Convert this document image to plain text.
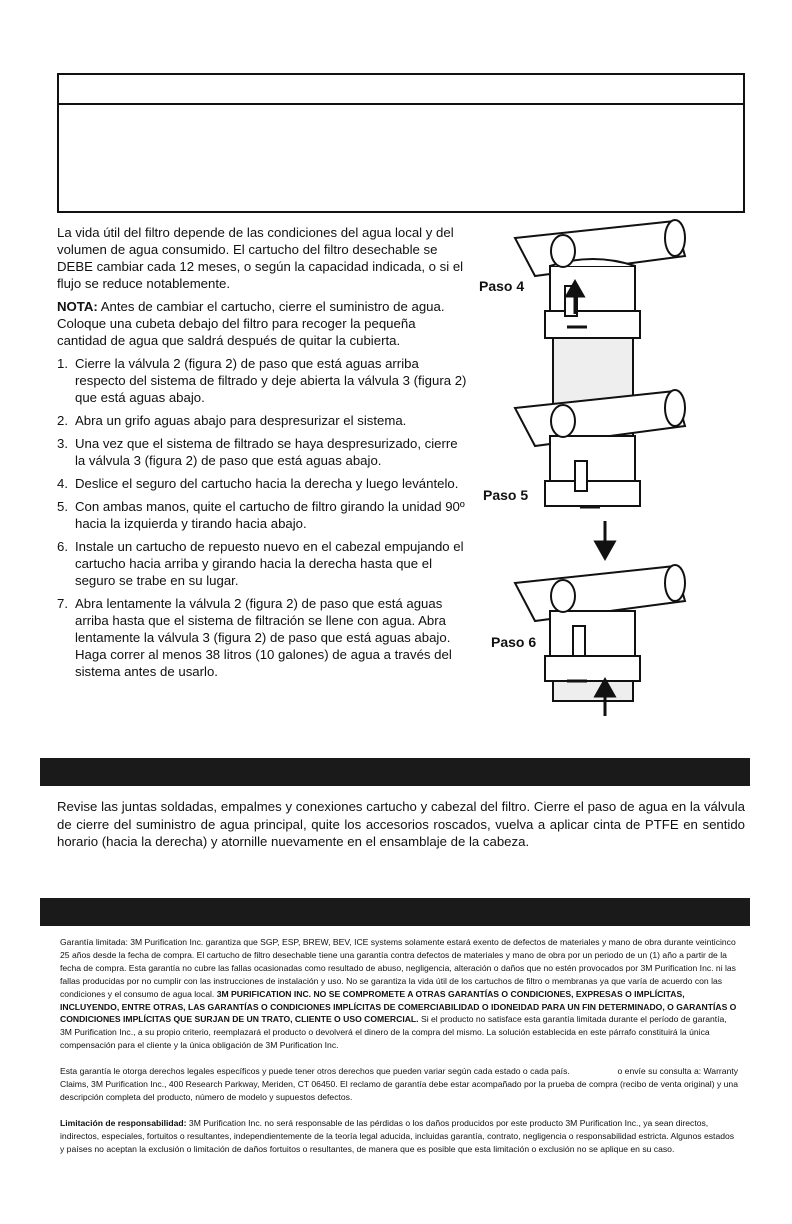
La vida útil del filtro depende de las condiciones del agua local y del volumen de agua consumido. El cartucho del filtro desechable se DEBE cambiar cada 12 meses, o según la capacidad indicada, o si el flujo se reduce notablemente.

NOTA: Antes de cambiar el cartucho, cierre el suministro de agua. Coloque una cubeta debajo del filtro para recoger la pequeña cantidad de agua que saldrá después de quitar la cubierta.

1. Cierre la válvula 2 (figura 2) de paso que está aguas arriba respecto del sistema de filtrado y deje abierta la válvula 3 (figura 2) que está aguas abajo.
2. Abra un grifo aguas abajo para despresurizar el sistema.
3. Una vez que el sistema de filtrado se haya despresurizado, cierre la válvula 3 (figura 2) de paso que está aguas abajo.
4. Deslice el seguro del cartucho hacia la derecha y luego levántelo.
5. Con ambas manos, quite el cartucho de filtro girando la unidad 90º hacia la izquierda y tirando hacia abajo.
6. Instale un cartucho de repuesto nuevo en el cabezal empujando el cartucho hacia arriba y girando hacia la derecha hasta que el seguro se trabe en su lugar.
7. Abra lentamente la válvula 2 (figura 2) de paso que está aguas arriba hasta que el sistema de filtración se llene con agua. Abra lentamente la válvula 3 (figura 2) de paso que está aguas abajo. Haga correr al menos 38 litros (10 galones) de agua a través del sistema antes de usarlo.
Paso 4
Paso 5
Paso 6
Revise las juntas soldadas, empalmes y conexiones cartucho y cabezal del filtro. Cierre el paso de agua en la válvula de cierre del suministro de agua principal, quite los accesorios roscados, vuelva a aplicar cinta de PTFE en sentido horario (hacia la derecha) y atornille nuevamente en el ensamblaje de la cabeza.

Garantía limitada: 3M Purification Inc. garantiza que SGP, ESP, BREW, BEV, ICE systems solamente estará exento de defectos de materiales y mano de obra durante veinticinco 25 años desde la fecha de compra. El cartucho de filtro desechable tiene una garantía contra defectos de materiales y mano de obra por un periodo de un (1) año a partir de la fecha de compra. Esta garantía no cubre las fallas ocasionadas como resultado de abuso, negligencia, alteración o daños que no estén provocados por 3M Purification Inc. ni las fallas producidas por no cumplir con las instrucciones de instalación y uso. No se garantiza la vida útil de los cartuchos de filtro o membranas ya que varía de acuerdo con las condiciones y el consumo de agua local. 3M PURIFICATION INC. NO SE COMPROMETE A OTRAS GARANTÍAS O CONDICIONES, EXPRESAS O IMPLÍCITAS, INCLUYENDO, ENTRE OTRAS, LAS GARANTÍAS O CONDICIONES IMPLÍCITAS DE COMERCIABILIDAD O IDONEIDAD PARA UN FIN DETERMINADO, O GARANTÍAS O CONDICIONES IMPLÍCITAS QUE SURJAN DE UN TRATO, CLIENTE O USO COMERCIAL. Si el producto no satisface esta garantía limitada durante el período de garantía, 3M Purification Inc., a su propio criterio, reemplazará el producto o devolverá el dinero de la compra del mismo. La solución establecida en este párrafo constituirá la única compensación para el cliente y la única obligación de 3M Purification Inc.

Esta garantía le otorga derechos legales específicos y puede tener otros derechos que pueden variar según cada estado o cada país.                    o envíe su consulta a: Warranty Claims, 3M Purification Inc., 400 Research Parkway, Meriden, CT 06450. El reclamo de garantía debe estar acompañado por la prueba de compra (recibo de venta original) y una descripción completa del producto, número de modelo y supuestos defectos.

Limitación de responsabilidad: 3M Purification Inc. no será responsable de las pérdidas o los daños producidos por este producto 3M Purification Inc., ya sean directos, indirectos, especiales, fortuitos o resultantes, independientemente de la teoría legal aducida, incluidas garantía, contrato, negligencia o responsabilidad estricta. Algunos estados y países no aceptan la exclusión o limitación de daños fortuitos o resultantes, de manera que es posible que esta limitación o exclusión no se aplique en su caso.
